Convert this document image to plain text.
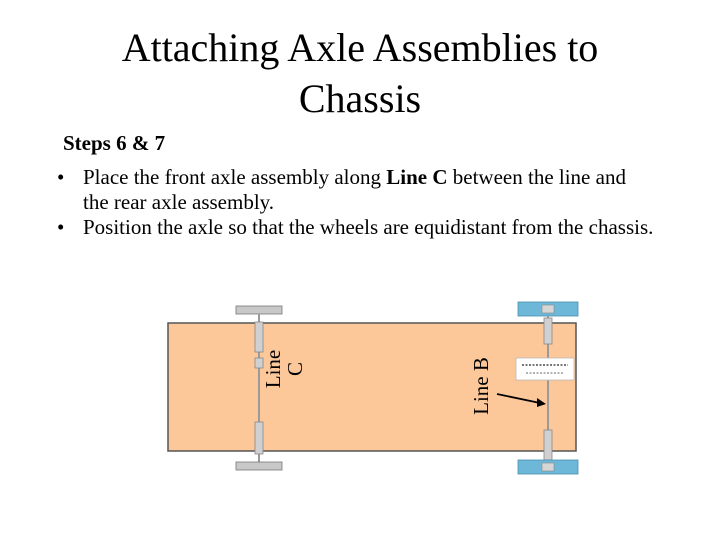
Attaching Axle Assemblies to Chassis
Steps 6 & 7
• Place the front axle assembly along Line C between the line and the rear axle assembly.
• Position the axle so that the wheels are equidistant from the chassis.
Line C	Line B
